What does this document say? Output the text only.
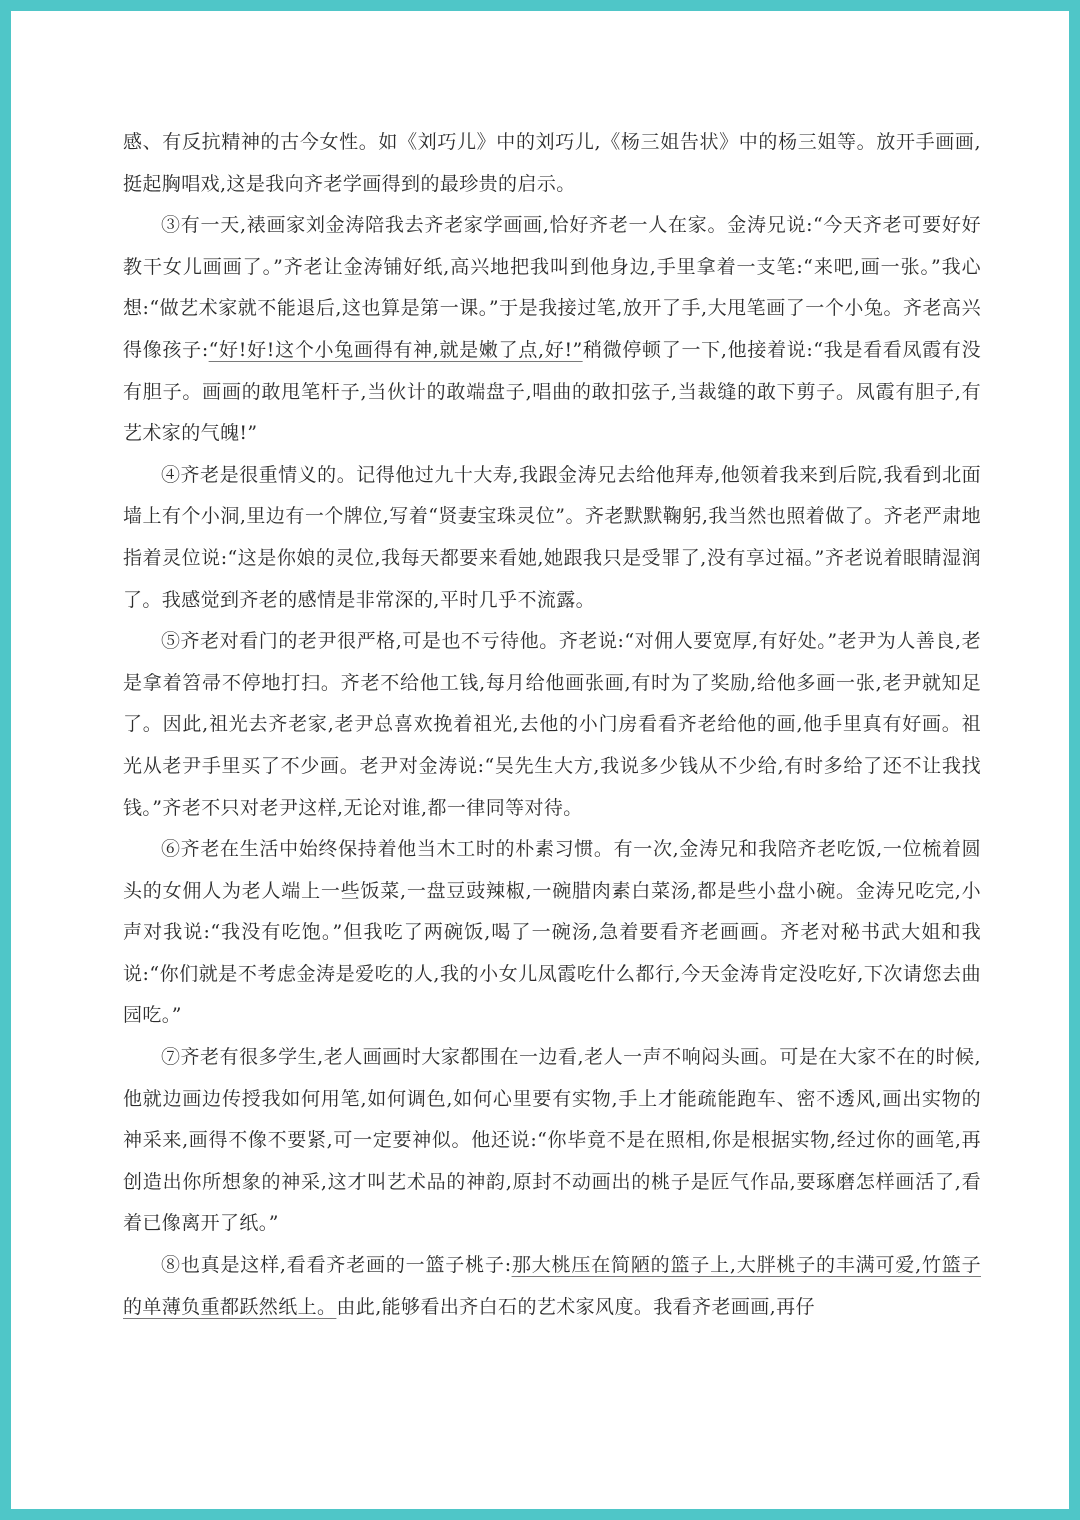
感、有反抗精神的古今女性。如《刘巧儿》中的刘巧儿,《杨三姐告状》中的杨三姐等。放开手画画,挺起胸唱戏,这是我向齐老学画得到的最珍贵的启示。

③有一天,裱画家刘金涛陪我去齐老家学画画,恰好齐老一人在家。金涛兄说:“今天齐老可要好好教干女儿画画了。”齐老让金涛铺好纸,高兴地把我叫到他身边,手里拿着一支笔:“来吧,画一张。”我心想:“做艺术家就不能退后,这也算是第一课。”于是我接过笔,放开了手,大甩笔画了一个小兔。齐老高兴得像孩子:“好!好!这个小兔画得有神,就是嫩了点,好!”稍微停顿了一下,他接着说:“我是看看凤霞有没有胆子。画画的敢甩笔杆子,当伙计的敢端盘子,唱曲的敢扣弦子,当裁缝的敢下剪子。凤霞有胆子,有艺术家的气魄!”

④齐老是很重情义的。记得他过九十大寿,我跟金涛兄去给他拜寿,他领着我来到后院,我看到北面墙上有个小洞,里边有一个牌位,写着“贤妻宝珠灵位”。齐老默默鞠躬,我当然也照着做了。齐老严肃地指着灵位说:“这是你娘的灵位,我每天都要来看她,她跟我只是受罪了,没有享过福。”齐老说着眼睛湿润了。我感觉到齐老的感情是非常深的,平时几乎不流露。

⑤齐老对看门的老尹很严格,可是也不亏待他。齐老说:“对佣人要宽厚,有好处。”老尹为人善良,老是拿着笤帚不停地打扫。齐老不给他工钱,每月给他画张画,有时为了奖励,给他多画一张,老尹就知足了。因此,祖光去齐老家,老尹总喜欢挽着祖光,去他的小门房看看齐老给他的画,他手里真有好画。祖光从老尹手里买了不少画。老尹对金涛说:“吴先生大方,我说多少钱从不少给,有时多给了还不让我找钱。”齐老不只对老尹这样,无论对谁,都一律同等对待。

⑥齐老在生活中始终保持着他当木工时的朴素习惯。有一次,金涛兄和我陪齐老吃饭,一位梳着圆头的女佣人为老人端上一些饭菜,一盘豆豉辣椒,一碗腊肉素白菜汤,都是些小盘小碗。金涛兄吃完,小声对我说:“我没有吃饱。”但我吃了两碗饭,喝了一碗汤,急着要看齐老画画。齐老对秘书武大姐和我说:“你们就是不考虑金涛是爱吃的人,我的小女儿凤霞吃什么都行,今天金涛肯定没吃好,下次请您去曲园吃。”

⑦齐老有很多学生,老人画画时大家都围在一边看,老人一声不响闷头画。可是在大家不在的时候,他就边画边传授我如何用笔,如何调色,如何心里要有实物,手上才能疏能跑车、密不透风,画出实物的神采来,画得不像不要紧,可一定要神似。他还说:“你毕竟不是在照相,你是根据实物,经过你的画笔,再创造出你所想象的神采,这才叫艺术品的神韵,原封不动画出的桃子是匠气作品,要琢磨怎样画活了,看着已像离开了纸。”

⑧也真是这样,看看齐老画的一篮子桃子:那大桃压在简陋的篮子上,大胖桃子的丰满可爱,竹篮子的单薄负重都跃然纸上。由此,能够看出齐白石的艺术家风度。我看齐老画画,再仔
